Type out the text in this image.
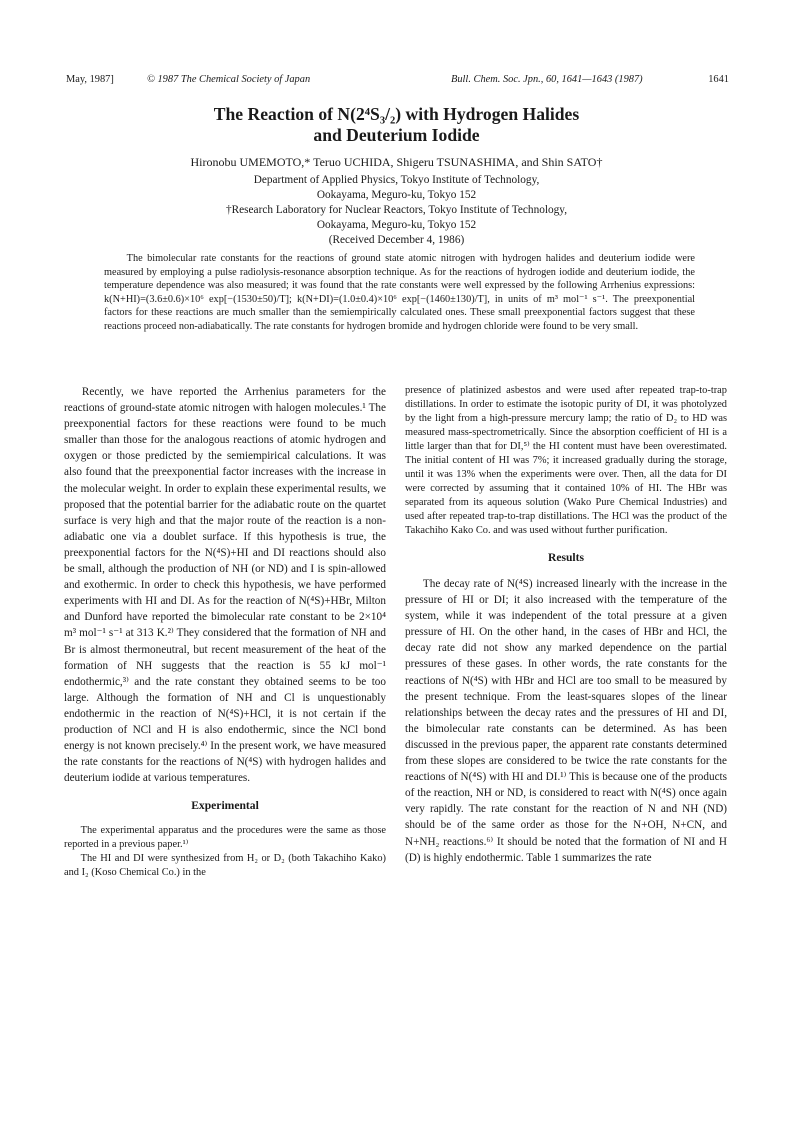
May, 1987]	© 1987 The Chemical Society of Japan	Bull. Chem. Soc. Jpn., 60, 1641—1643 (1987)	1641
The Reaction of N(2⁴S₃/₂) with Hydrogen Halides
and Deuterium Iodide
Hironobu UMEMOTO,* Teruo UCHIDA, Shigeru TSUNASHIMA, and Shin SATO†
Department of Applied Physics, Tokyo Institute of Technology,
Ookayama, Meguro-ku, Tokyo 152
†Research Laboratory for Nuclear Reactors, Tokyo Institute of Technology,
Ookayama, Meguro-ku, Tokyo 152
(Received December 4, 1986)

The bimolecular rate constants for the reactions of ground state atomic nitrogen with hydrogen halides and deuterium iodide were measured by employing a pulse radiolysis-resonance absorption technique. As for the reactions of hydrogen iodide and deuterium iodide, the temperature dependence was also measured; it was found that the rate constants were well expressed by the following Arrhenius expressions: k(N+HI)=(3.6±0.6)×10⁶ exp[−(1530±50)/T]; k(N+DI)=(1.0±0.4)×10⁶ exp[−(1460±130)/T], in units of m³ mol⁻¹ s⁻¹. The preexponential factors for these reactions are much smaller than the semiempirically calculated ones. These small preexponential factors suggest that these reactions proceed non-adiabatically. The rate constants for hydrogen bromide and hydrogen chloride were found to be very small.

Recently, we have reported the Arrhenius parameters for the reactions of ground-state atomic nitrogen with halogen molecules.¹ The preexponential factors for these reactions were found to be much smaller than those for the analogous reactions of atomic hydrogen and oxygen or those predicted by the semiempirical calculations. It was also found that the preexponential factor increases with the increase in the molecular weight. In order to explain these experimental results, we proposed that the potential barrier for the adiabatic route on the quartet surface is very high and that the major route of the reaction is a non-adiabatic one via a doublet surface. If this hypothesis is true, the preexponential factors for the N(⁴S)+HI and DI reactions should also be small, although the production of NH (or ND) and I is spin-allowed and exothermic. In order to check this hypothesis, we have performed experiments with HI and DI. As for the reaction of N(⁴S)+HBr, Milton and Dunford have reported the bimolecular rate constant to be 2×10⁴ m³ mol⁻¹ s⁻¹ at 313 K.²⁾ They considered that the formation of NH and Br is almost thermoneutral, but recent measurement of the heat of the formation of NH suggests that the reaction is 55 kJ mol⁻¹ endothermic,³⁾ and the rate constant they obtained seems to be too large. Although the formation of NH and Cl is unquestionably endothermic in the reaction of N(⁴S)+HCl, it is not certain if the production of NCl and H is also endothermic, since the NCl bond energy is not known precisely.⁴⁾ In the present work, we have measured the rate constants for the reactions of N(⁴S) with hydrogen halides and deuterium iodide at various temperatures.

Experimental

The experimental apparatus and the procedures were the same as those reported in a previous paper.¹⁾

The HI and DI were synthesized from H₂ or D₂ (both Takachiho Kako) and I₂ (Koso Chemical Co.) in the

presence of platinized asbestos and were used after repeated trap-to-trap distillations. In order to estimate the isotopic purity of DI, it was photolyzed by the light from a high-pressure mercury lamp; the ratio of D₂ to HD was measured mass-spectrometrically. Since the absorption coefficient of HI is a little larger than that for DI,⁵⁾ the HI content must have been overestimated. The initial content of HI was 7%; it increased gradually during the storage, until it was 13% when the experiments were over. Then, all the data for DI were corrected by assuming that it contained 10% of HI. The HBr was separated from its aqueous solution (Wako Pure Chemical Industries) and used after repeated trap-to-trap distillations. The HCl was the product of the Takachiho Kako Co. and was used without further purification.

Results

The decay rate of N(⁴S) increased linearly with the increase in the pressure of HI or DI; it also increased with the temperature of the system, while it was independent of the total pressure at a given pressure of HI. On the other hand, in the cases of HBr and HCl, the decay rate did not show any marked dependence on the partial pressures of these gases. In other words, the rate constants for the reactions of N(⁴S) with HBr and HCl are too small to be measured by the present technique. From the least-squares slopes of the linear relationships between the decay rates and the pressures of HI and DI, the bimolecular rate constants can be determined. As has been discussed in the previous paper, the apparent rate constants determined from these slopes are considered to be twice the rate constants for the reactions of N(⁴S) with HI and DI.¹⁾ This is because one of the products of the reaction, NH or ND, is considered to react with N(⁴S) once again very rapidly. The rate constant for the reaction of N and NH (ND) should be of the same order as those for the N+OH, N+CN, and N+NH₂ reactions.⁶⁾ It should be noted that the formation of NI and H (D) is highly endothermic. Table 1 summarizes the rate
